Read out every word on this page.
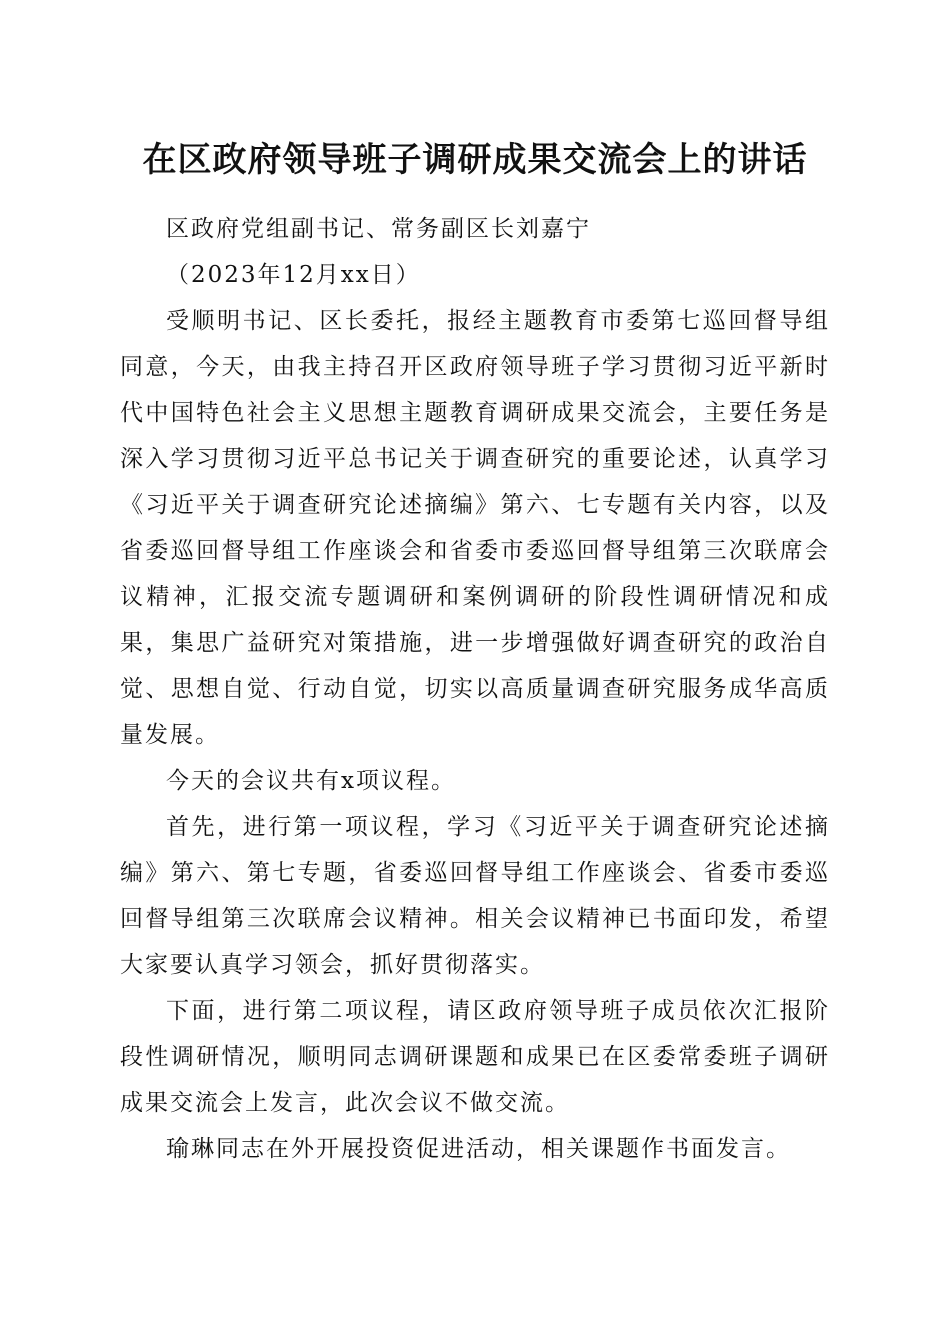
在区政府领导班子调研成果交流会上的讲话

区政府党组副书记、常务副区长刘嘉宁

（2023年12月xx日）

受顺明书记、区长委托，报经主题教育市委第七巡回督导组同意，今天，由我主持召开区政府领导班子学习贯彻习近平新时代中国特色社会主义思想主题教育调研成果交流会，主要任务是深入学习贯彻习近平总书记关于调查研究的重要论述，认真学习《习近平关于调查研究论述摘编》第六、七专题有关内容，以及省委巡回督导组工作座谈会和省委市委巡回督导组第三次联席会议精神，汇报交流专题调研和案例调研的阶段性调研情况和成果，集思广益研究对策措施，进一步增强做好调查研究的政治自觉、思想自觉、行动自觉，切实以高质量调查研究服务成华高质量发展。

今天的会议共有x项议程。

首先，进行第一项议程，学习《习近平关于调查研究论述摘编》第六、第七专题，省委巡回督导组工作座谈会、省委市委巡回督导组第三次联席会议精神。相关会议精神已书面印发，希望大家要认真学习领会，抓好贯彻落实。

下面，进行第二项议程，请区政府领导班子成员依次汇报阶段性调研情况，顺明同志调研课题和成果已在区委常委班子调研成果交流会上发言，此次会议不做交流。

瑜琳同志在外开展投资促进活动，相关课题作书面发言。
